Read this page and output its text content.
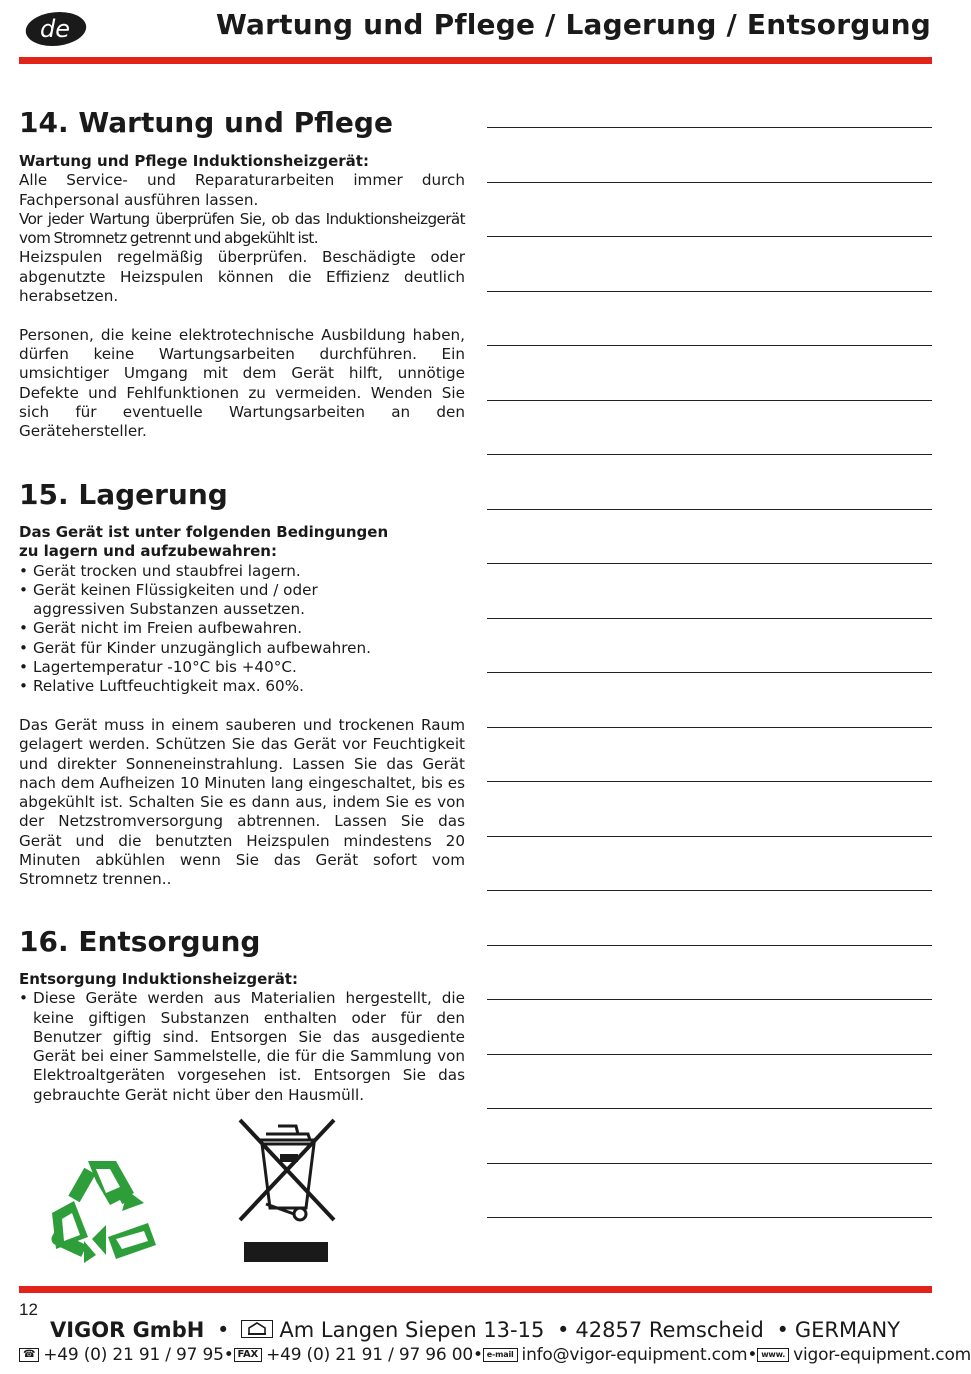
de	Wartung und Pflege / Lagerung / Entsorgung
14. Wartung und Pflege
Wartung und Pflege Induktionsheizgerät:

Alle Service- und Reparaturarbeiten immer durch Fachpersonal ausführen lassen.

Vor jeder Wartung überprüfen Sie, ob das Induktionsheizgerät vom Stromnetz getrennt und abgekühlt ist.

Heizspulen regelmäßig überprüfen. Beschädigte oder abgenutzte Heizspulen können die Effizienz deutlich herabsetzen.

Personen, die keine elektrotechnische Ausbildung haben, dürfen keine Wartungsarbeiten durchführen. Ein umsichtiger Umgang mit dem Gerät hilft, unnötige Defekte und Fehlfunktionen zu vermeiden. Wenden Sie sich für eventuelle Wartungsarbeiten an den Gerätehersteller.

15. Lagerung
Das Gerät ist unter folgenden Bedingungen
zu lagern und aufzubewahren:
• Gerät trocken und staubfrei lagern.
• Gerät keinen Flüssigkeiten und / oder aggressiven Substanzen aussetzen.
• Gerät nicht im Freien aufbewahren.
• Gerät für Kinder unzugänglich aufbewahren.
• Lagertemperatur -10°C bis +40°C.
• Relative Luftfeuchtigkeit max. 60%.

Das Gerät muss in einem sauberen und trockenen Raum gelagert werden. Schützen Sie das Gerät vor Feuchtigkeit und direkter Sonneneinstrahlung. Lassen Sie das Gerät nach dem Aufheizen 10 Minuten lang eingeschaltet, bis es abgekühlt ist. Schalten Sie es dann aus, indem Sie es von der Netzstromversorgung abtrennen. Lassen Sie das Gerät und die benutzten Heizspulen mindestens 20 Minuten abkühlen wenn Sie das Gerät sofort vom Stromnetz trennen..

16. Entsorgung
Entsorgung Induktionsheizgerät:
• Diese Geräte werden aus Materialien hergestellt, die keine giftigen Substanzen enthalten oder für den Benutzer giftig sind. Entsorgen Sie das ausgediente Gerät bei einer Sammelstelle, die für die Sammlung von Elektroaltgeräten vorgesehen ist. Entsorgen Sie das gebrauchte Gerät nicht über den Hausmüll.
12
VIGOR GmbH • Am Langen Siepen 13-15 • 42857 Remscheid • GERMANY
☎ +49 (0) 21 91 / 97 95 • FAX +49 (0) 21 91 / 97 96 00 • e-mail info@vigor-equipment.com • www. vigor-equipment.com
